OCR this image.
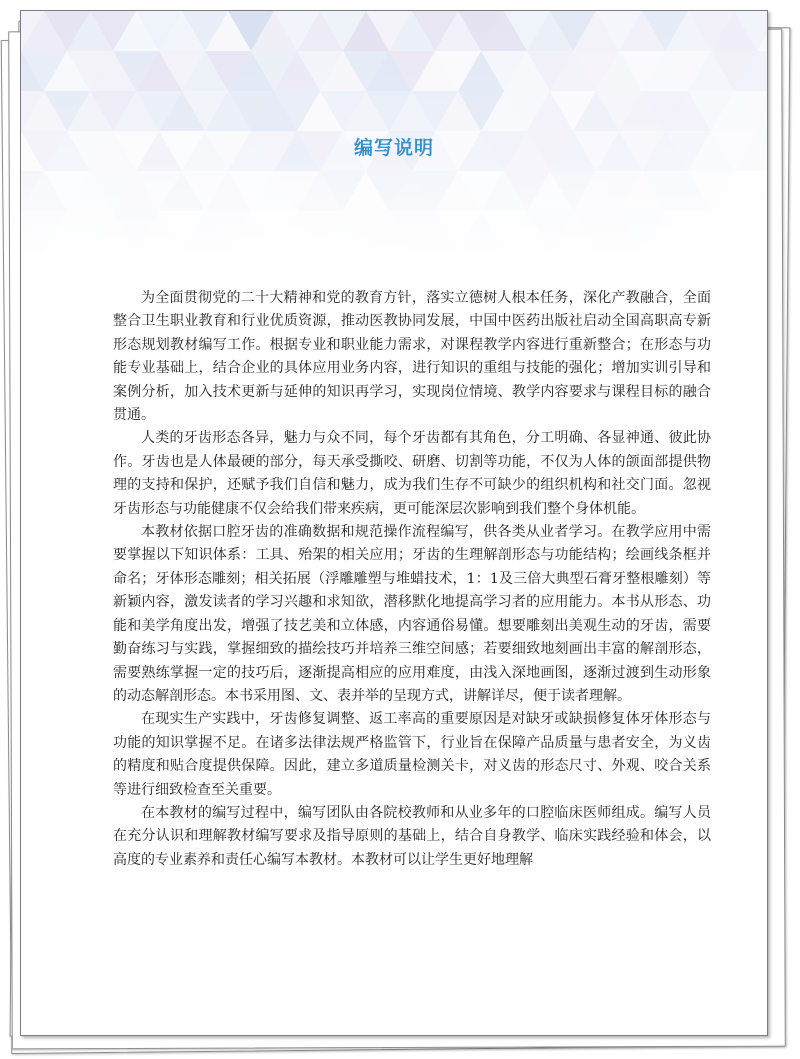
编写说明

为全面贯彻党的二十大精神和党的教育方针，落实立德树人根本任务，深化产教融合，全面整合卫生职业教育和行业优质资源，推动医教协同发展，中国中医药出版社启动全国高职高专新形态规划教材编写工作。根据专业和职业能力需求，对课程教学内容进行重新整合；在形态与功能专业基础上，结合企业的具体应用业务内容，进行知识的重组与技能的强化；增加实训引导和案例分析，加入技术更新与延伸的知识再学习，实现岗位情境、教学内容要求与课程目标的融合贯通。

人类的牙齿形态各异，魅力与众不同，每个牙齿都有其角色，分工明确、各显神通、彼此协作。牙齿也是人体最硬的部分，每天承受撕咬、研磨、切割等功能，不仅为人体的颌面部提供物理的支持和保护，还赋予我们自信和魅力，成为我们生存不可缺少的组织机构和社交门面。忽视牙齿形态与功能健康不仅会给我们带来疾病，更可能深层次影响到我们整个身体机能。

本教材依据口腔牙齿的准确数据和规范操作流程编写，供各类从业者学习。在教学应用中需要掌握以下知识体系：工具、殆架的相关应用；牙齿的生理解剖形态与功能结构；绘画线条框并命名；牙体形态雕刻；相关拓展（浮雕雕塑与堆蜡技术，1：1及三倍大典型石膏牙整根雕刻）等新颖内容，激发读者的学习兴趣和求知欲，潜移默化地提高学习者的应用能力。本书从形态、功能和美学角度出发，增强了技艺美和立体感，内容通俗易懂。想要雕刻出美观生动的牙齿，需要勤奋练习与实践，掌握细致的描绘技巧并培养三维空间感；若要细致地刻画出丰富的解剖形态，需要熟练掌握一定的技巧后，逐渐提高相应的应用难度，由浅入深地画图，逐渐过渡到生动形象的动态解剖形态。本书采用图、文、表并举的呈现方式，讲解详尽，便于读者理解。

在现实生产实践中，牙齿修复调整、返工率高的重要原因是对缺牙或缺损修复体牙体形态与功能的知识掌握不足。在诸多法律法规严格监管下，行业旨在保障产品质量与患者安全，为义齿的精度和贴合度提供保障。因此，建立多道质量检测关卡，对义齿的形态尺寸、外观、咬合关系等进行细致检查至关重要。

在本教材的编写过程中，编写团队由各院校教师和从业多年的口腔临床医师组成。编写人员在充分认识和理解教材编写要求及指导原则的基础上，结合自身教学、临床实践经验和体会，以高度的专业素养和责任心编写本教材。本教材可以让学生更好地理解
